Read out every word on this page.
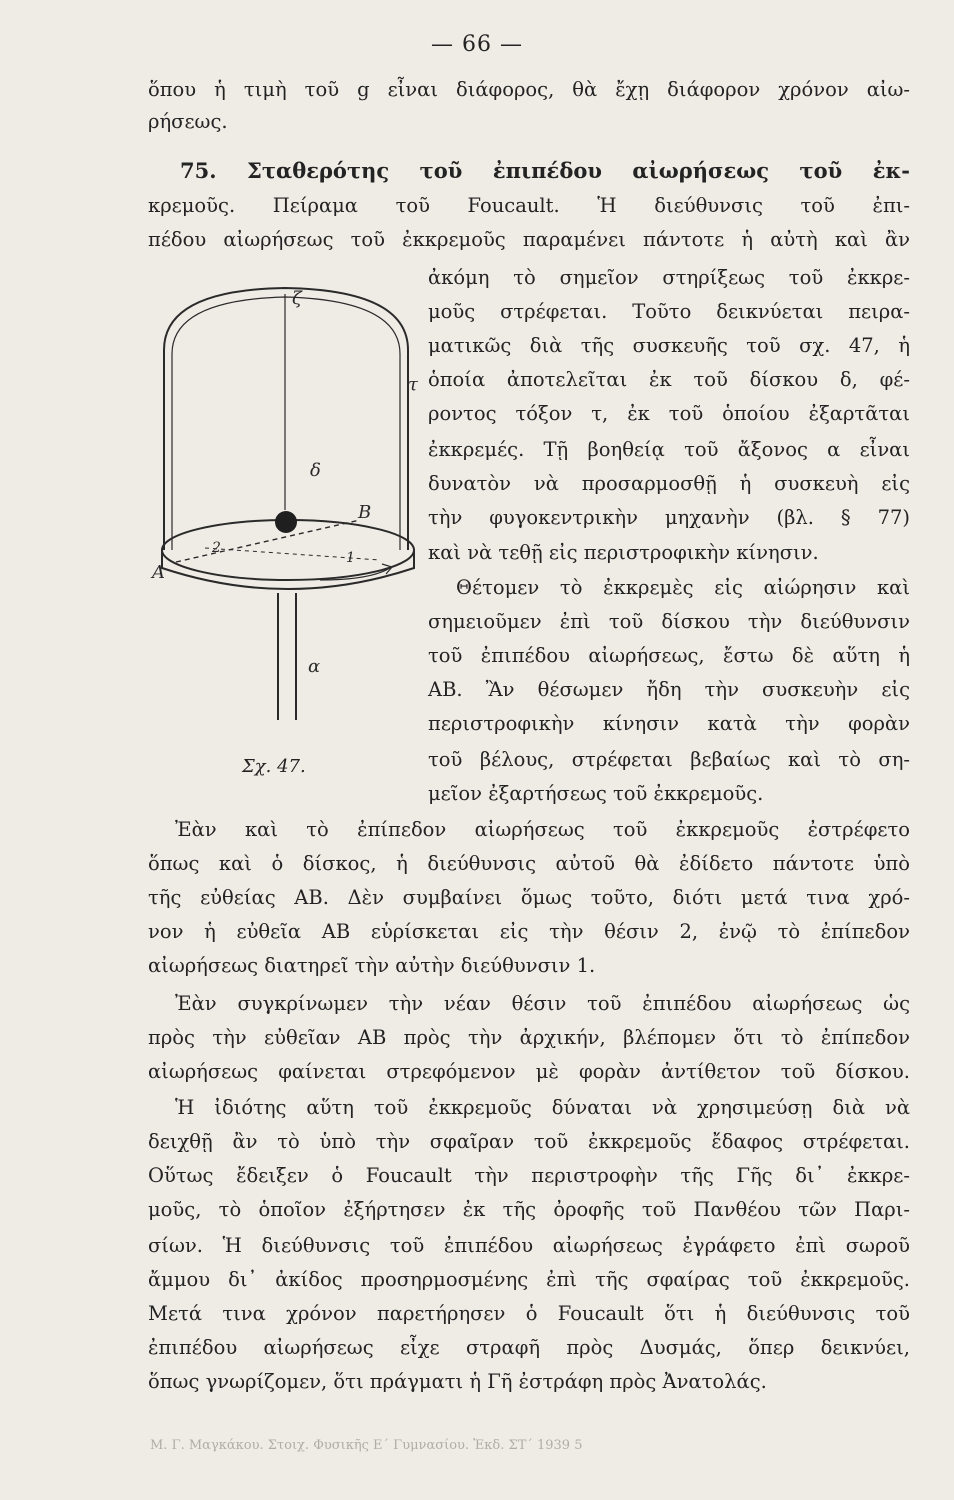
— 66 —
ὅπου ἡ τιμὴ τοῦ g εἶναι διάφορος, θὰ ἔχῃ διάφορον χρόνον αἰω-
ρήσεως.
75. Σταθερότης τοῦ ἐπιπέδου αἰωρήσεως τοῦ ἐκ-
κρεμοῦς. Πείραμα τοῦ Foucault. Ἡ διεύθυνσις τοῦ ἐπι-
πέδου αἰωρήσεως τοῦ ἐκκρεμοῦς παραμένει πάντοτε ἡ αὐτὴ καὶ ἂν
ἀκόμη τὸ σημεῖον στηρίξεως τοῦ ἐκκρε-
μοῦς στρέφεται. Τοῦτο δεικνύεται πειρα-
ματικῶς διὰ τῆς συσκευῆς τοῦ σχ. 47, ἡ
ὁποία ἀποτελεῖται ἐκ τοῦ δίσκου δ, φέ-
ροντος τόξον τ, ἐκ τοῦ ὁποίου ἐξαρτᾶται
ἐκκρεμές. Τῇ βοηθείᾳ τοῦ ἄξονος α εἶναι
δυνατὸν νὰ προσαρμοσθῇ ἡ συσκευὴ εἰς
τὴν φυγοκεντρικὴν μηχανὴν (βλ. § 77)
καὶ νὰ τεθῇ εἰς περιστροφικὴν κίνησιν.
Θέτομεν τὸ ἐκκρεμὲς εἰς αἰώρησιν καὶ
σημειοῦμεν ἐπὶ τοῦ δίσκου τὴν διεύθυνσιν
τοῦ ἐπιπέδου αἰωρήσεως, ἔστω δὲ αὕτη ἡ
ΑΒ. Ἂν θέσωμεν ἤδη τὴν συσκευὴν εἰς
περιστροφικὴν κίνησιν κατὰ τὴν φορὰν
τοῦ βέλους, στρέφεται βεβαίως καὶ τὸ ση-
μεῖον ἐξαρτήσεως τοῦ ἐκκρεμοῦς.
Ἐὰν καὶ τὸ ἐπίπεδον αἰωρήσεως τοῦ ἐκκρεμοῦς ἐστρέφετο
ὅπως καὶ ὁ δίσκος, ἡ διεύθυνσις αὐτοῦ θὰ ἐδίδετο πάντοτε ὑπὸ
τῆς εὐθείας ΑΒ. Δὲν συμβαίνει ὅμως τοῦτο, διότι μετά τινα χρό-
νον ἡ εὐθεῖα ΑΒ εὑρίσκεται εἰς τὴν θέσιν 2, ἐνῷ τὸ ἐπίπεδον
αἰωρήσεως διατηρεῖ τὴν αὐτὴν διεύθυνσιν 1.
Ἐὰν συγκρίνωμεν τὴν νέαν θέσιν τοῦ ἐπιπέδου αἰωρήσεως ὡς
πρὸς τὴν εὐθεῖαν ΑΒ πρὸς τὴν ἀρχικήν, βλέπομεν ὅτι τὸ ἐπίπεδον
αἰωρήσεως φαίνεται στρεφόμενον μὲ φορὰν ἀντίθετον τοῦ δίσκου.
Ἡ ἰδιότης αὕτη τοῦ ἐκκρεμοῦς δύναται νὰ χρησιμεύσῃ διὰ νὰ
δειχθῇ ἂν τὸ ὑπὸ τὴν σφαῖραν τοῦ ἐκκρεμοῦς ἔδαφος στρέφεται.
Οὕτως ἔδειξεν ὁ Foucault τὴν περιστροφὴν τῆς Γῆς δι᾽ ἐκκρε-
μοῦς, τὸ ὁποῖον ἐξήρτησεν ἐκ τῆς ὀροφῆς τοῦ Πανθέου τῶν Παρι-
σίων. Ἡ διεύθυνσις τοῦ ἐπιπέδου αἰωρήσεως ἐγράφετο ἐπὶ σωροῦ
ἄμμου δι᾽ ἀκίδος προσηρμοσμένης ἐπὶ τῆς σφαίρας τοῦ ἐκκρεμοῦς.
Μετά τινα χρόνον παρετήρησεν ὁ Foucault ὅτι ἡ διεύθυνσις τοῦ
ἐπιπέδου αἰωρήσεως εἶχε στραφῆ πρὸς Δυσμάς, ὅπερ δεικνύει,
ὅπως γνωρίζομεν, ὅτι πράγματι ἡ Γῆ ἐστράφη πρὸς Ἀνατολάς.
ζ
τ
δ
Β
Α
2
1
α
Σχ. 47.
Μ. Γ. Μαγκάκου. Στοιχ. Φυσικῆς Ε΄ Γυμνασίου. Ἐκδ. ΣΤ΄ 1939 5
